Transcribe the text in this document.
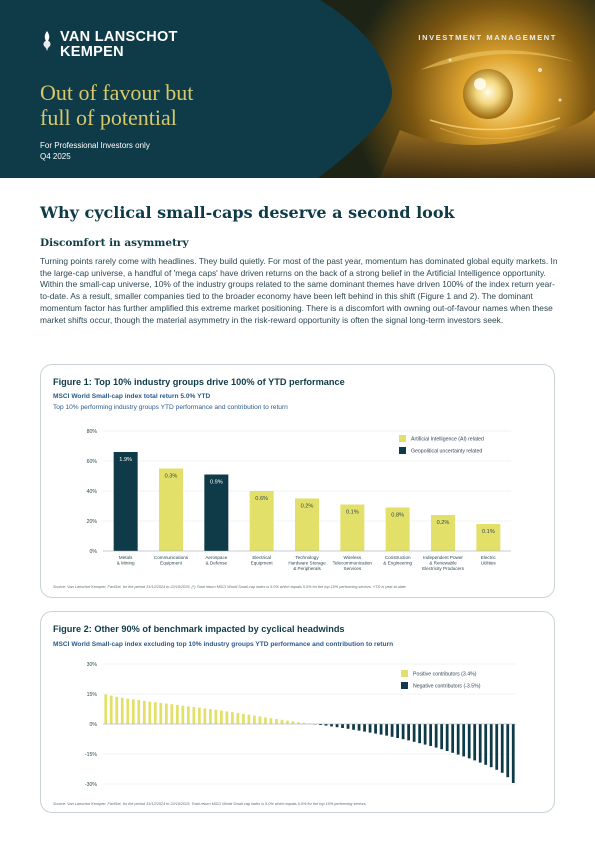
VAN LANSCHOT
KEMPEN
INVESTMENT MANAGEMENT
Out of favour but
full of potential
For Professional Investors only
Q4 2025
Why cyclical small-caps deserve a second look
Discomfort in asymmetry
Turning points rarely come with headlines. They build quietly. For most of the past year, momentum has dominated global equity markets. In the large-cap universe, a handful of 'mega caps' have driven returns on the back of a strong belief in the Artificial Intelligence opportunity. Within the small-cap universe, 10% of the industry groups related to the same dominant themes have driven 100% of the index return year-to-date. As a result, smaller companies tied to the broader economy have been left behind in this shift (Figure 1 and 2). The dominant momentum factor has further amplified this extreme market positioning. There is a discomfort with owning out-of-favour names when these market shifts occur, though the material asymmetry in the risk-reward opportunity is often the signal long-term investors seek.
Figure 1: Top 10% industry groups drive 100% of YTD performance
MSCI World Small-cap index total return 5.0% YTD
Top 10% performing industry groups YTD performance and contribution to return
0%
20%
40%
60%
80%
1.9%
Metals
& Mining
0.3%
Communications
Equipment
0.9%
Aerospace
& Defense
0.6%
Electrical
Equipment
0.2%
Technology
Hardware Storage
& Peripherals
0.1%
Wireless
Telecommunication
Services
0.8%
Construction
& Engineering
0.2%
Independent Power
& Renewable
Electricity Producers
0.1%
Electric
Utilities
Artificial Intelligence (AI) related
Geopolitical uncertainty related
Source: Van Lanschot Kempen, FactSet, for the period 31/12/2024 to 22/10/2025. (*) Total return MSCI World Small-cap index is 5.0% which equals 5.0% for the top 10% performing sectors. YTD is year-to-date.
Figure 2: Other 90% of benchmark impacted by cyclical headwinds
MSCI World Small-cap index excluding top 10% industry groups YTD performance and contribution to return
30%
15%
0%
-15%
-30%
Positive contributors (3.4%)
Negative contributors (-3.5%)
Source: Van Lanschot Kempen, FactSet, for the period 31/12/2024 to 22/10/2025. Total return MSCI World Small-cap index is 5.0% which equals 5.0% for the top 10% performing sectors.
